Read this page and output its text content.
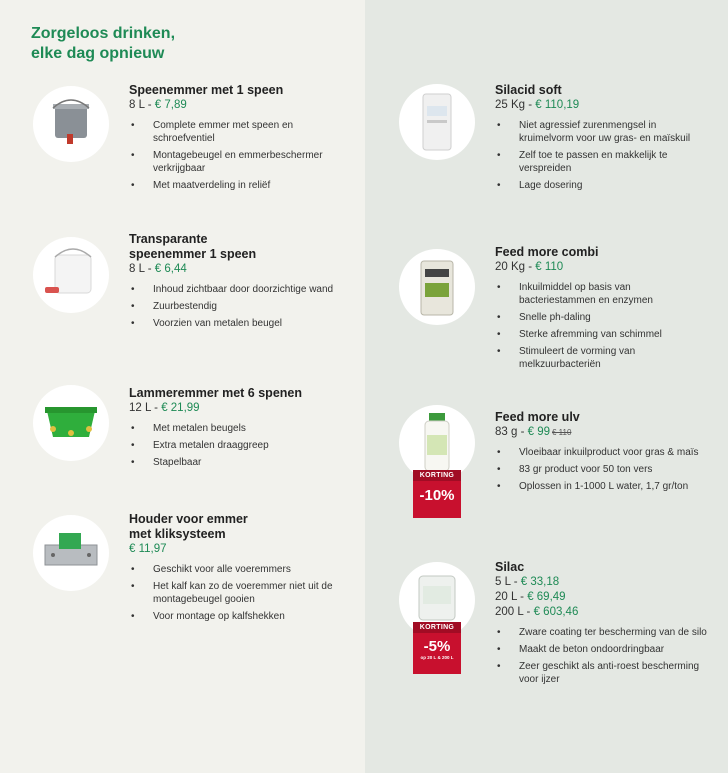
Zorgeloos drinken,
elke dag opnieuw
Speenemmer met 1 speen
8 L - € 7,89
• Complete emmer met speen en schroefventiel
• Montagebeugel en emmerbeschermer verkrijgbaar
• Met maatverdeling in reliëf
Transparante
speenemmer 1 speen
8 L - € 6,44
• Inhoud zichtbaar door doorzichtige wand
• Zuurbestendig
• Voorzien van metalen beugel
Lammeremmer met 6 spenen
12 L - € 21,99
• Met metalen beugels
• Extra metalen draaggreep
• Stapelbaar
Houder voor emmer
met kliksysteem
€ 11,97
• Geschikt voor alle voeremmers
• Het kalf kan zo de voeremmer niet uit de montagebeugel gooien
• Voor montage op kalfshekken
Silacid soft
25 Kg - € 110,19
• Niet agressief zurenmengsel in kruimelvorm voor uw gras- en maïskuil
• Zelf toe te passen en makkelijk te verspreiden
• Lage dosering
Feed more combi
20 Kg - € 110
• Inkuilmiddel op basis van bacteriestammen en enzymen
• Snelle ph-daling
• Sterke afremming van schimmel
• Stimuleert de vorming van melkzuurbacteriën
KORTING
-10%
Feed more ulv
83 g - € 99 € 110
• Vloeibaar inkuilproduct voor gras & maïs
• 83 gr product voor 50 ton vers
• Oplossen in 1-1000 L water, 1,7 gr/ton
KORTING
-5%
op 20 L & 200 L
Silac
5 L - € 33,18
20 L - € 69,49
200 L - € 603,46
• Zware coating ter bescherming van de silo
• Maakt de beton ondoordringbaar
• Zeer geschikt als anti-roest bescherming voor ijzer
